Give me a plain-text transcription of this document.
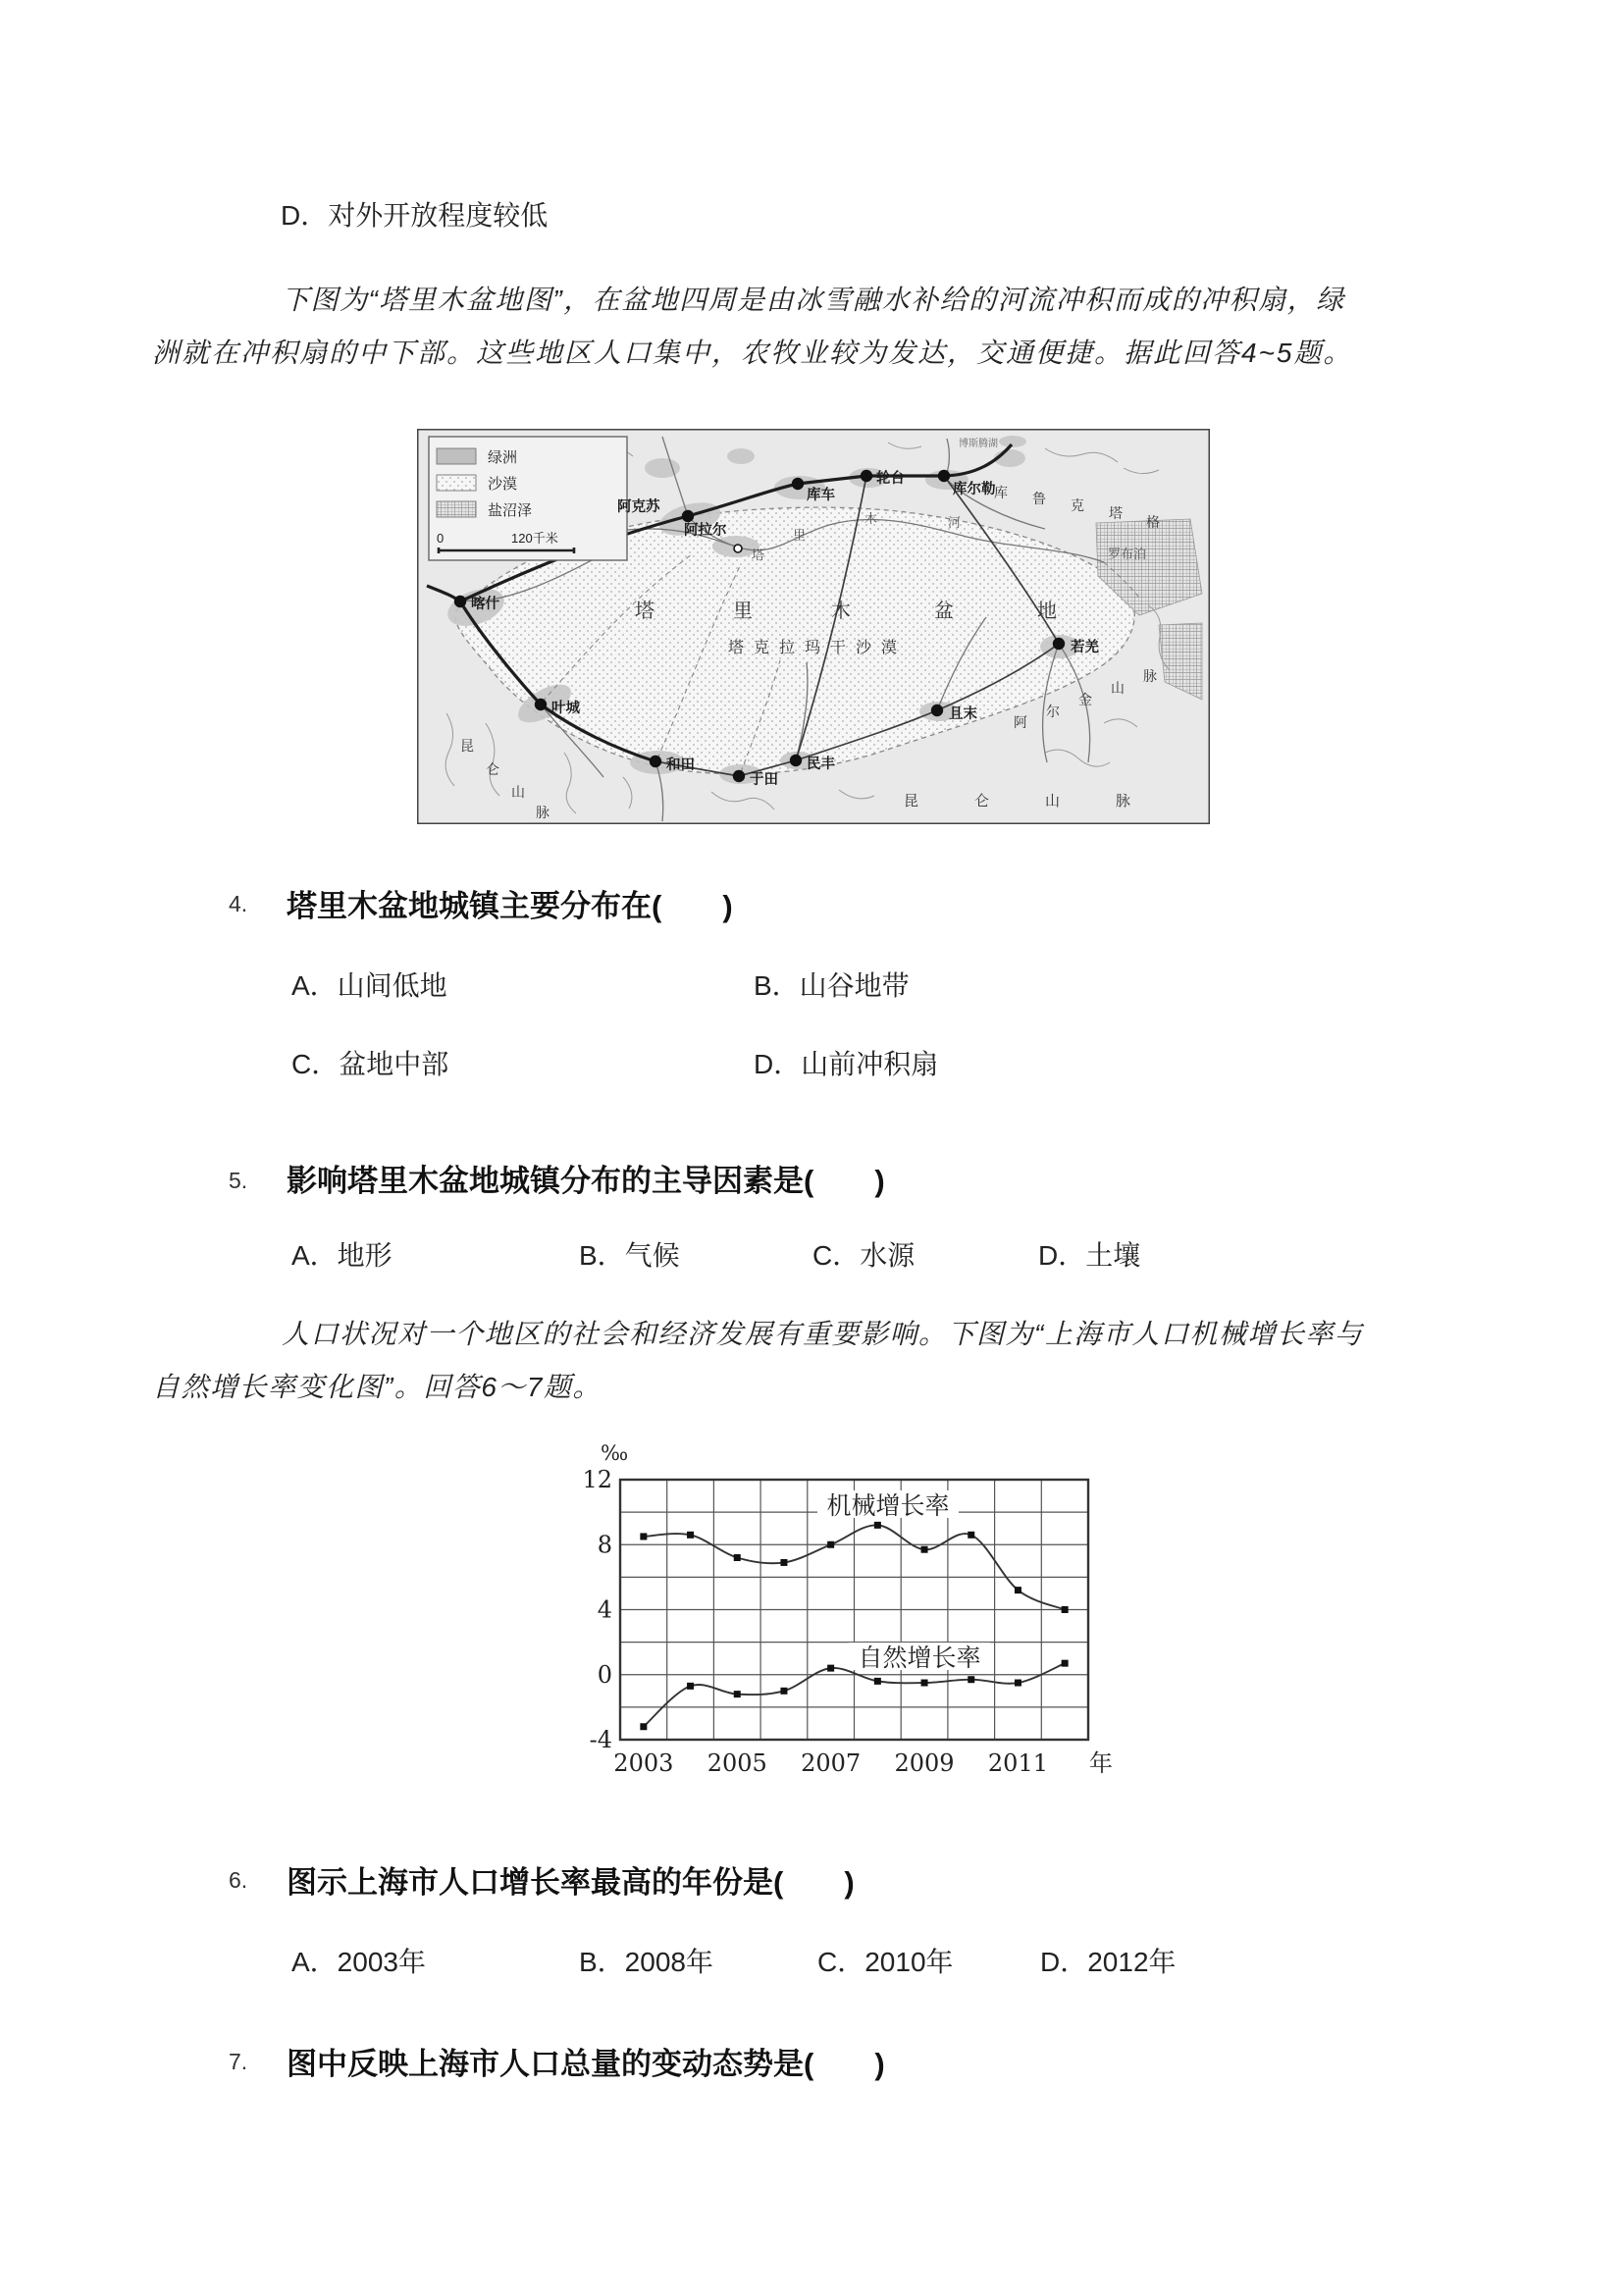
D．对外开放程度较低
下图为“塔里木盆地图”，在盆地四周是由冰雪融水补给的河流冲积而成的冲积扇，绿
洲就在冲积扇的中下部。这些地区人口集中，农牧业较为发达，交通便捷。据此回答4~5题。
绿洲
沙漠
盐沼泽
0	120千米
喀什
叶城
和田
于田
民丰
且末
若羌
阿克苏
库车
轮台
库尔勒
阿拉尔
塔	里	木	盆	地
塔克拉玛干沙漠
库 鲁 克 塔
格
罗布泊
博斯腾湖
阿
尔
金
山
脉
昆	仑	山	脉
昆
仑
山
脉
塔
里
木	河
4. 塔里木盆地城镇主要分布在(　　)
A．山间低地	B．山谷地带
C．盆地中部	D．山前冲积扇
5. 影响塔里木盆地城镇分布的主导因素是(　　)
A．地形	B．气候	C．水源	D．土壤
人口状况对一个地区的社会和经济发展有重要影响。下图为“上海市人口机械增长率与
自然增长率变化图”。回答6～7题。
‰
12
8
4
0
-4
2003 2005 2007 2009 2011 年
机械增长率
自然增长率
6. 图示上海市人口增长率最高的年份是(　　)
A．2003年	B．2008年	C．2010年	D．2012年
7. 图中反映上海市人口总量的变动态势是(　　)
